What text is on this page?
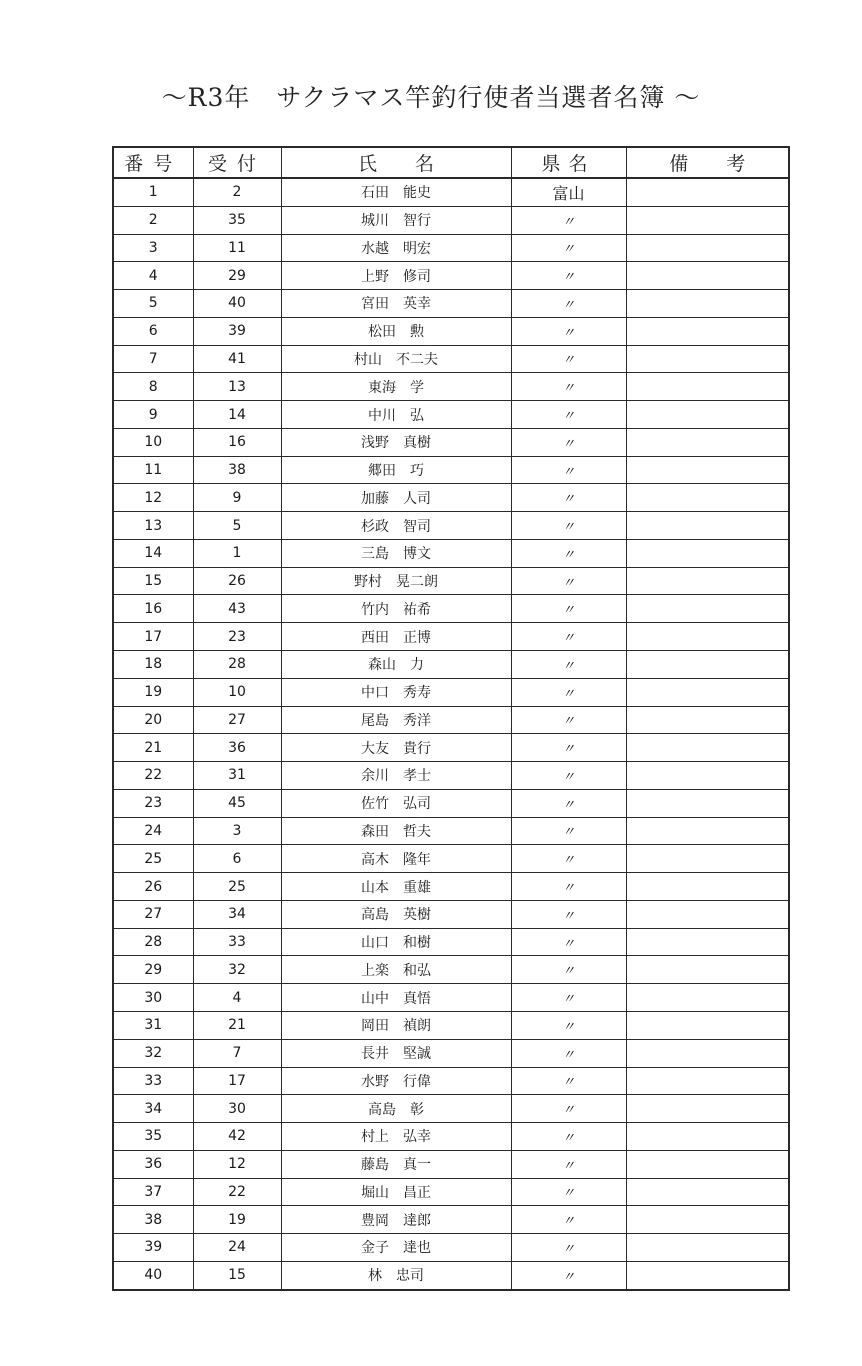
～R3年　サクラマス竿釣行使者当選者名簿 ～
番号	受付	氏　　名	県名	備　　考
1	2	石田　能史	富山	
2	35	城川　智行	〃	
3	11	水越　明宏	〃	
4	29	上野　修司	〃	
5	40	宮田　英幸	〃	
6	39	松田　勲	〃	
7	41	村山　不二夫	〃	
8	13	東海　学	〃	
9	14	中川　弘	〃	
10	16	浅野　真樹	〃	
11	38	郷田　巧	〃	
12	9	加藤　人司	〃	
13	5	杉政　智司	〃	
14	1	三島　博文	〃	
15	26	野村　晃二朗	〃	
16	43	竹内　祐希	〃	
17	23	西田　正博	〃	
18	28	森山　力	〃	
19	10	中口　秀寿	〃	
20	27	尾島　秀洋	〃	
21	36	大友　貴行	〃	
22	31	余川　孝士	〃	
23	45	佐竹　弘司	〃	
24	3	森田　哲夫	〃	
25	6	高木　隆年	〃	
26	25	山本　重雄	〃	
27	34	高島　英樹	〃	
28	33	山口　和樹	〃	
29	32	上楽　和弘	〃	
30	4	山中　真悟	〃	
31	21	岡田　禎朗	〃	
32	7	長井　堅誠	〃	
33	17	水野　行偉	〃	
34	30	高島　彰	〃	
35	42	村上　弘幸	〃	
36	12	藤島　真一	〃	
37	22	堀山　昌正	〃	
38	19	豊岡　達郎	〃	
39	24	金子　達也	〃	
40	15	林　忠司	〃	
